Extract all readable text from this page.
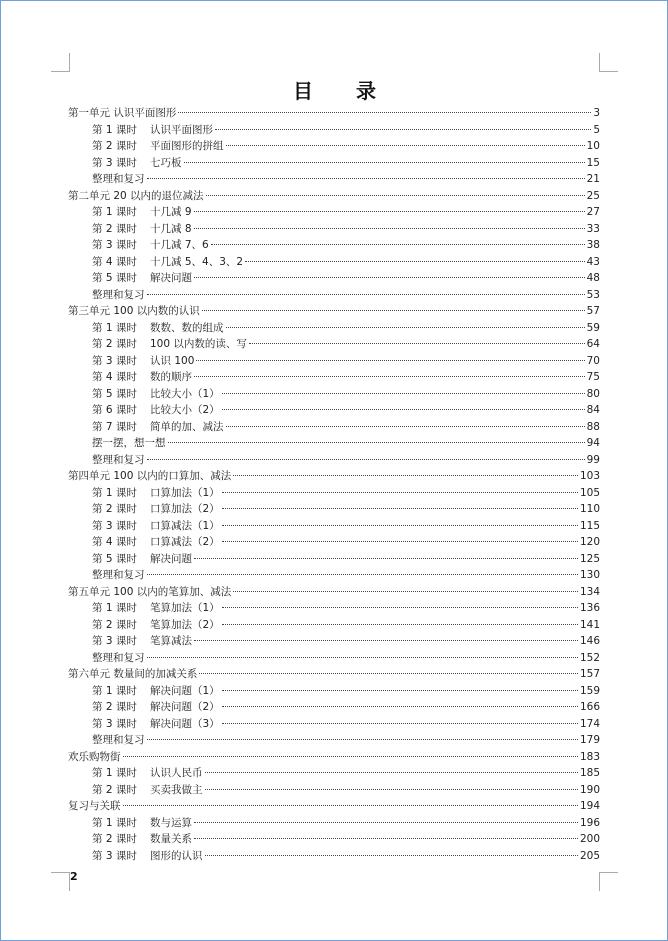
目　　录
第一单元 认识平面图形	3
第 1 课时	认识平面图形	5
第 2 课时	平面图形的拼组	10
第 3 课时	七巧板	15
整理和复习	21
第二单元 20 以内的退位减法	25
第 1 课时	十几减 9	27
第 2 课时	十几减 8	33
第 3 课时	十几减 7、6	38
第 4 课时	十几减 5、4、3、2	43
第 5 课时	解决问题	48
整理和复习	53
第三单元 100 以内数的认识	57
第 1 课时	数数、数的组成	59
第 2 课时	100 以内数的读、写	64
第 3 课时	认识 100	70
第 4 课时	数的顺序	75
第 5 课时	比较大小（1）	80
第 6 课时	比较大小（2）	84
第 7 课时	简单的加、减法	88
摆一摆，想一想	94
整理和复习	99
第四单元 100 以内的口算加、减法	103
第 1 课时	口算加法（1）	105
第 2 课时	口算加法（2）	110
第 3 课时	口算减法（1）	115
第 4 课时	口算减法（2）	120
第 5 课时	解决问题	125
整理和复习	130
第五单元 100 以内的笔算加、减法	134
第 1 课时	笔算加法（1）	136
第 2 课时	笔算加法（2）	141
第 3 课时	笔算减法	146
整理和复习	152
第六单元 数量间的加减关系	157
第 1 课时	解决问题（1）	159
第 2 课时	解决问题（2）	166
第 3 课时	解决问题（3）	174
整理和复习	179
欢乐购物街	183
第 1 课时	认识人民币	185
第 2 课时	买卖我做主	190
复习与关联	194
第 1 课时	数与运算	196
第 2 课时	数量关系	200
第 3 课时	图形的认识	205
2
